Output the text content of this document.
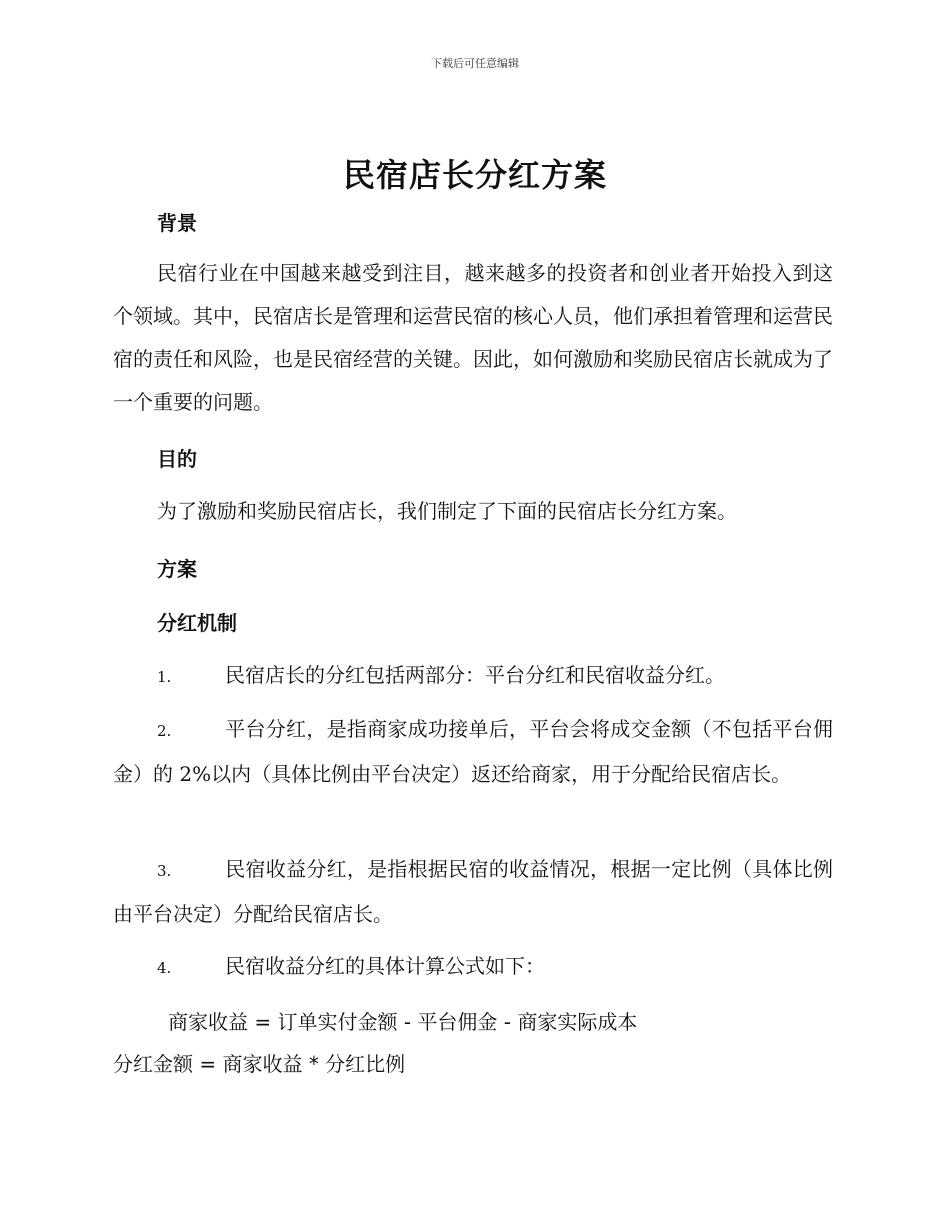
下载后可任意编辑
民宿店长分红方案
背景
民宿行业在中国越来越受到注目，越来越多的投资者和创业者开始投入到这个领域。其中，民宿店长是管理和运营民宿的核心人员，他们承担着管理和运营民宿的责任和风险，也是民宿经营的关键。因此，如何激励和奖励民宿店长就成为了一个重要的问题。
目的
为了激励和奖励民宿店长，我们制定了下面的民宿店长分红方案。
方案
分红机制
1.	民宿店长的分红包括两部分：平台分红和民宿收益分红。
2.	平台分红，是指商家成功接单后，平台会将成交金额（不包括平台佣金）的 2%以内（具体比例由平台决定）返还给商家，用于分配给民宿店长。
3.	民宿收益分红，是指根据民宿的收益情况，根据一定比例（具体比例由平台决定）分配给民宿店长。
4.	民宿收益分红的具体计算公式如下：
商家收益 = 订单实付金额 - 平台佣金 - 商家实际成本
分红金额 = 商家收益 * 分红比例
